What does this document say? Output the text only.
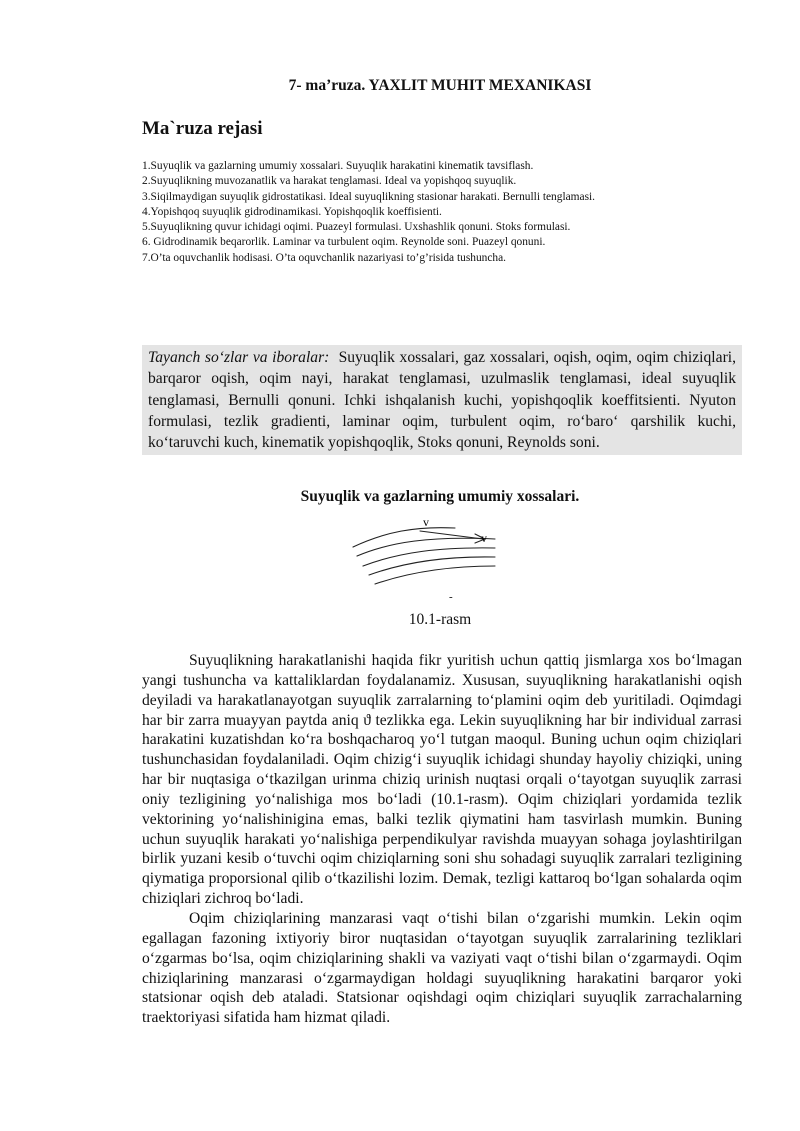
7- ma’ruza. YAXLIT MUHIT MEXANIKASI
Ma`ruza rejasi
1.Suyuqlik va gazlarning umumiy xossalari. Suyuqlik harakatini kinematik tavsiflash.
2.Suyuqlikning muvozanatlik va harakat tenglamasi. Ideal va yopishqoq suyuqlik.
3.Siqilmaydigan suyuqlik gidrostatikasi. Ideal suyuqlikning stasionar harakati. Bernulli tenglamasi.
4.Yopishqoq suyuqlik gidrodinamikasi. Yopishqoqlik koeffisienti.
5.Suyuqlikning quvur ichidagi oqimi. Puazeyl formulasi. Uxshashlik qonuni. Stoks formulasi.
6. Gidrodinamik beqarorlik. Laminar va turbulent oqim. Reynolde soni. Puazeyl qonuni.
7.O’ta oquvchanlik hodisasi. O’ta oquvchanlik nazariyasi to’g’risida tushuncha.
Tayanch so‘zlar va iboralar: Suyuqlik xossalari, gaz xossalari, oqish, oqim, oqim chiziqlari, barqaror oqish, oqim nayi, harakat tenglamasi, uzulmaslik tenglamasi, ideal suyuqlik tenglamasi, Bernulli qonuni. Ichki ishqalanish kuchi, yopishqoqlik koeffitsienti. Nyuton formulasi, tezlik gradienti, laminar oqim, turbulent oqim, ro‘baro‘ qarshilik kuchi, ko‘taruvchi kuch, kinematik yopishqoqlik, Stoks qonuni, Reynolds soni.
Suyuqlik va gazlarning umumiy xossalari.
v
v
-
10.1-rasm

Suyuqlikning harakatlanishi haqida fikr yuritish uchun qattiq jismlarga xos bo‘lmagan yangi tushuncha va kattaliklardan foydalanamiz. Xususan, suyuqlikning harakatlanishi oqish deyiladi va harakatlanayotgan suyuqlik zarralarning to‘plamini oqim deb yuritiladi. Oqimdagi har bir zarra muayyan paytda aniq ϑ tezlikka ega. Lekin suyuqlikning har bir individual zarrasi harakatini kuzatishdan ko‘ra boshqacharoq yo‘l tutgan maoqul. Buning uchun oqim chiziqlari tushunchasidan foydalaniladi. Oqim chizig‘i suyuqlik ichidagi shunday hayoliy chiziqki, uning har bir nuqtasiga o‘tkazilgan urinma chiziq urinish nuqtasi orqali o‘tayotgan suyuqlik zarrasi oniy tezligining yo‘nalishiga mos bo‘ladi (10.1-rasm). Oqim chiziqlari yordamida tezlik vektorining yo‘nalishinigina emas, balki tezlik qiymatini ham tasvirlash mumkin. Buning uchun suyuqlik harakati yo‘nalishiga perpendikulyar ravishda muayyan sohaga joylashtirilgan birlik yuzani kesib o‘tuvchi oqim chiziqlarning soni shu sohadagi suyuqlik zarralari tezligining qiymatiga proporsional qilib o‘tkazilishi lozim. Demak, tezligi kattaroq bo‘lgan sohalarda oqim chiziqlari zichroq bo‘ladi.

Oqim chiziqlarining manzarasi vaqt o‘tishi bilan o‘zgarishi mumkin. Lekin oqim egallagan fazoning ixtiyoriy biror nuqtasidan o‘tayotgan suyuqlik zarralarining tezliklari o‘zgarmas bo‘lsa, oqim chiziqlarining shakli va vaziyati vaqt o‘tishi bilan o‘zgarmaydi. Oqim chiziqlarining manzarasi o‘zgarmaydigan holdagi suyuqlikning harakatini barqaror yoki statsionar oqish deb ataladi. Statsionar oqishdagi oqim chiziqlari suyuqlik zarrachalarning traektoriyasi sifatida ham hizmat qiladi.
